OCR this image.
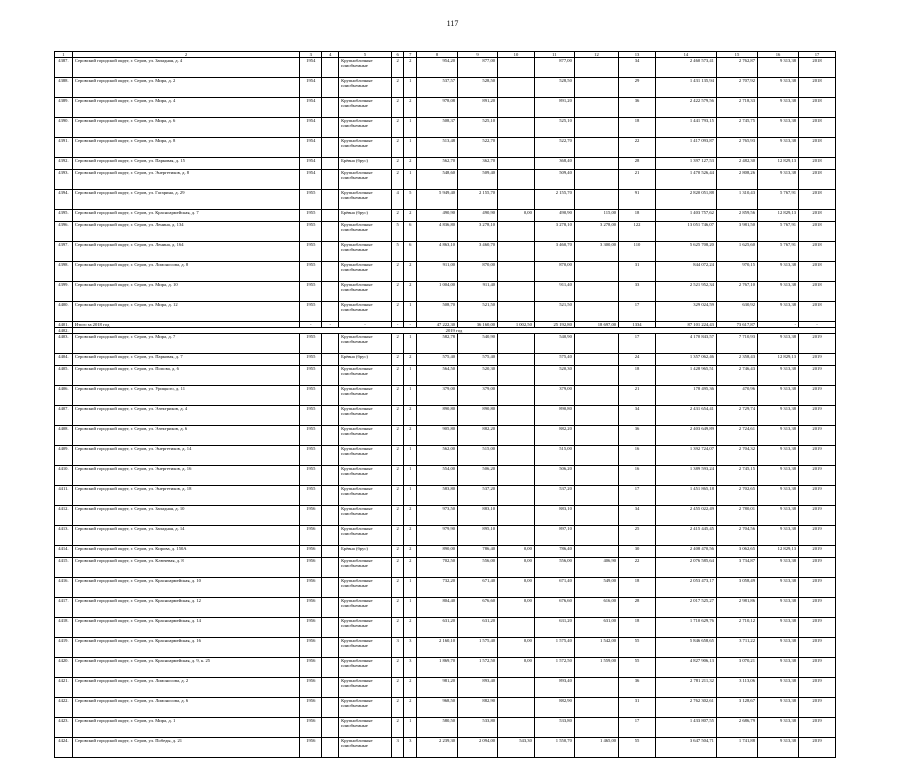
117
1	2	3	4	5	6	7	8	9	10	11	12	13	14	15	16	17
4387.	Серовский городской округ, г. Серов, ул. Западная, д. 4	1954		Крупноблочные плиобъемные	2	2	954,20	877,00		877,00		34	2 460 573,41	2 762,87	9 313,38	2018
4388.	Серовский городской округ, г. Серов, ул. Мира, д. 2	1954		Крупноблочные плиобъемные	2	1	537,57	528,50		528,50		29	1 431 135,94	2 707,92	9 313,38	2018
4389.	Серовский городской округ, г. Серов, ул. Мира, д. 4	1954		Крупноблочные плиобъемные	2	2	978,08	891,20		891,20		36	2 422 579,56	2 718,33	9 313,38	2018
4390.	Серовский городской округ, г. Серов, ул. Мира, д. 6	1954		Крупноблочные плиобъемные	2	1	508,37	525,10		525,10		18	1 441 793,15	2 745,75	9 313,38	2018
4391.	Серовский городской округ, г. Серов, ул. Мира, д. 8	1954		Крупноблочные плиобъемные	2	1	513,48	522,70		522,70		22	1 417 093,87	2 765,93	9 313,38	2018
4392.	Серовский городской округ, г. Серов, ул. Парковая, д. 15	1954		Брёвна (брус)	2	2	562,70	362,70		368,40		28	1 397 127,53	2 482,30	12 829,13	2018
4393.	Серовский городской округ, г. Серов, ул. Энергетиков, д. 8	1954		Крупноблочные плиобъемные	2	1	548,60	509,40		509,40		21	1 470 526,44	2 808,26	9 313,38	2018
4394.	Серовский городской округ, г. Серов, ул. Гагарина, д. 29	1955		Крупноблочные плиобъемные	4	5	5 949,40	2 155,70		2 155,70		91	2 820 051,88	1 310,43	5 767,91	2018
4395.	Серовский городской округ, г. Серов, ул. Красноармейская, д. 7	1955		Брёвна (брус)	2	2	490,90	490,90	0,00	490,90	115,00	18	1 403 757,62	2 859,56	12 829,13	2018
4396.	Серовский городской округ, г. Серов, ул. Ленина, д. 134	1955		Крупноблочные плиобъемные	5	6	4 836,80	3 278,10		3 278,10	3 278,00	122	13 051 746,07	3 981,50	5 767,91	2018
4397.	Серовский городской округ, г. Серов, ул. Ленина, д. 164	1955		Крупноблочные плиобъемные	5	6	4 863,10	3 460,70		3 460,70	3 300,00	110	5 625 708,20	1 625,60	5 767,91	2018
4398.	Серовский городской округ, г. Серов, ул. Ломоносова, д. 8	1955		Крупноблочные плиобъемные	2	2	911,00	870,00		870,00		31	844 072,24	970,15	9 313,38	2018
4399.	Серовский городской округ, г. Серов, ул. Мира, д. 10	1955		Крупноблочные плиобъемные	2	2	1 004,00	911,40		911,40		33	2 521 952,34	2 767,10	9 313,38	2018
4400.	Серовский городской округ, г. Серов, ул. Мира, д. 12	1955		Крупноблочные плиобъемные	2	1	508,70	521,50		521,50		17	329 024,59	630,92	9 313,38	2018
4401.	Итого за 2018 год	-	-	-	-	-	47 222,30	36 160,00	1 002,50	25 192,80	18 697,00	1334	87 101 224,43	73 617,87	-	-
4402.	2019 год															
4403.	Серовский городской округ, г. Серов, ул. Мира, д. 7	1955		Крупноблочные плиобъемные	2	1	582,78	540,90		540,90		17	4 170 843,57	7 710,93	9 313,38	2019
4404.	Серовский городской округ, г. Серов, ул. Парковая, д. 7	1955		Брёвна (брус)	2	2	575,40	575,40		575,40		24	1 357 062,46	2 358,43	12 829,13	2019
4405.	Серовский городской округ, г. Серов, ул. Попова, д. 6	1955		Крупноблочные плиобъемные	2	1	564,50	520,30		520,30		18	1 428 965,51	2 746,43	9 313,38	2019
4406.	Серовский городской округ, г. Серов, ул. Урицкого, д. 11	1955		Крупноблочные плиобъемные	2	1	379,00	379,00		379,00		21	178 495,36	470,96	9 313,38	2019
4407.	Серовский городской округ, г. Серов, ул. Электриков, д. 4	1955		Крупноблочные плиобъемные	2	2	890,80	890,80		890,80		34	2 431 654,41	2 729,74	9 313,38	2019
4408.	Серовский городской округ, г. Серов, ул. Электриков, д. 6	1955		Крупноблочные плиобъемные	2	2	905,80	882,20		882,20		36	2 403 649,89	2 724,61	9 313,38	2019
4409.	Серовский городской округ, г. Серов, ул. Энергетиков, д. 14	1955		Крупноблочные плиобъемные	2	1	562,00	515,00		515,00		16	1 392 724,07	2 704,32	9 313,38	2019
4410.	Серовский городской округ, г. Серов, ул. Энергетиков, д. 16	1955		Крупноблочные плиобъемные	2	1	554,00	506,20		506,20		16	1 389 593,24	2 745,15	9 313,38	2019
4411.	Серовский городской округ, г. Серов, ул. Энергетиков, д. 18	1955		Крупноблочные плиобъемные	2	1	583,80	537,20		537,20		17	1 451 865,18	2 702,65	9 313,38	2019
4412.	Серовский городской округ, г. Серов, ул. Западная, д. 10	1956		Крупноблочные плиобъемные	2	2	973,50	883,10		883,10		34	2 455 022,49	2 780,01	9 313,38	2019
4413.	Серовский городской округ, г. Серов, ул. Западная, д. 14	1956		Крупноблочные плиобъемные	2	2	979,90	895,10		897,10		25	2 415 445,45	2 704,56	9 313,38	2019
4414.	Серовский городской округ, г. Серов, ул. Кирова, д. 150А	1956		Брёвна (брус)	2	2	890,00	786,40	0,00	786,40		30	2 408 470,56	3 062,65	12 829,13	2019
4415.	Серовский городской округ, г. Серов, ул. Ключевая, д. 8	1956		Крупноблочные плиобъемные	2	2	702,50	556,00	0,00	556,00	406,90	22	2 076 585,64	3 734,87	9 313,38	2019
4416.	Серовский городской округ, г. Серов, ул. Красноармейская, д. 10	1956		Крупноблочные плиобъемные	2	1	732,20	671,40	0,00	671,40	549,00	18	2 053 473,17	3 058,49	9 313,38	2019
4417.	Серовский городской округ, г. Серов, ул. Красноармейская, д. 12	1956		Крупноблочные плиобъемные	2	1	804,40	676,60	0,00	676,60	616,00	28	2 017 525,27	2 981,86	9 313,38	2019
4418.	Серовский городской округ, г. Серов, ул. Красноармейская, д. 14	1956		Крупноблочные плиобъемные	2	2	631,20	631,20		631,20	631,00	18	1 710 629,76	2 710,12	9 313,38	2019
4419.	Серовский городской округ, г. Серов, ул. Красноармейская, д. 16	1956		Крупноблочные плиобъемные	3	3	2 160,10	1 575,40	0,00	1 575,40	1 542,00	55	5 846 658,65	3 711,22	9 313,38	2019
4420.	Серовский городской округ, г. Серов, ул. Красноармейская, д. 9, к. 25	1956		Крупноблочные плиобъемные	2	3	1 869,70	1 572,50	0,00	1 572,50	1 559,00	55	4 827 906,13	3 070,21	9 313,38	2019
4421.	Серовский городской округ, г. Серов, ул. Ломоносова, д. 2	1956		Крупноблочные плиобъемные	2	2	981,20	893,40		893,40		36	2 781 211,32	3 113,06	9 313,38	2019
4422.	Серовский городской округ, г. Серов, ул. Ломоносова, д. 6	1956		Крупноблочные плиобъемные	2	2	968,50	882,90		882,90		31	2 762 302,61	3 128,67	9 313,38	2019
4423.	Серовский городской округ, г. Серов, ул. Мира, д. 1	1956		Крупноблочные плиобъемные	2	1	580,50	533,80		533,80		17	1 433 807,55	2 686,79	9 313,38	2019
4424.	Серовский городской округ, г. Серов, ул. Победы, д. 21	1956		Крупноблочные плиобъемные	3	3	2 239,30	2 094,00	543,30	1 550,70	1 465,00	55	3 647 504,71	1 741,88	9 313,38	2019
